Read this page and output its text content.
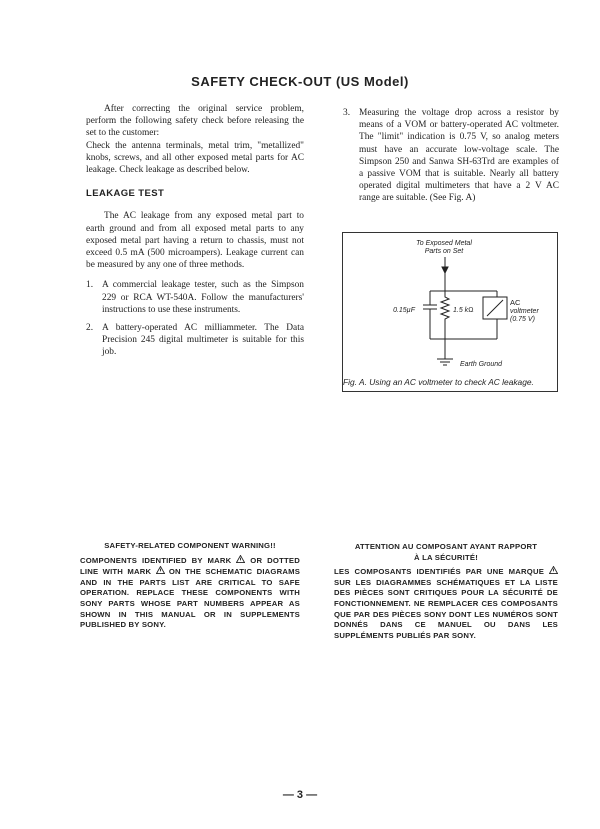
SAFETY CHECK-OUT (US Model)

After correcting the original service problem, perform the following safety check before releasing the set to the customer:

Check the antenna terminals, metal trim, "metallized" knobs, screws, and all other exposed metal parts for AC leakage. Check leakage as described below.

LEAKAGE TEST

The AC leakage from any exposed metal part to earth ground and from all exposed metal parts to any exposed metal part having a return to chassis, must not exceed 0.5 mA (500 microampers). Leakage current can be measured by any one of three methods.

1. A commercial leakage tester, such as the Simpson 229 or RCA WT-540A. Follow the manufacturers' instructions to use these instruments.
2. A battery-operated AC milliammeter. The Data Precision 245 digital multimeter is suitable for this job.
3. Measuring the voltage drop across a resistor by means of a VOM or battery-operated AC voltmeter. The "limit" indication is 0.75 V, so analog meters must have an accurate low-voltage scale. The Simpson 250 and Sanwa SH-63Trd are examples of a passive VOM that is suitable. Nearly all battery operated digital multimeters that have a 2 V AC range are suitable. (See Fig. A)
To Exposed Metal
Parts on Set
0.15µF	1.5 kΩ
AC
voltmeter
(0.75 V)
Earth Ground
Fig. A. Using an AC voltmeter to check AC leakage.
SAFETY-RELATED COMPONENT WARNING!!
COMPONENTS IDENTIFIED BY MARK OR DOTTED LINE WITH MARK ON THE SCHEMATIC DIAGRAMS AND IN THE PARTS LIST ARE CRITICAL TO SAFE OPERATION. REPLACE THESE COMPONENTS WITH SONY PARTS WHOSE PART NUMBERS APPEAR AS SHOWN IN THIS MANUAL OR IN SUPPLEMENTS PUBLISHED BY SONY.
ATTENTION AU COMPOSANT AYANT RAPPORT
À LA SÉCURITÉ!
LES COMPOSANTS IDENTIFIÉS PAR UNE MARQUE  SUR LES DIAGRAMMES SCHÉMATIQUES ET LA LISTE DES PIÈCES SONT CRITIQUES POUR LA SÉCURITÉ DE FONCTIONNEMENT. NE REMPLACER CES COMPOSANTS QUE PAR DES PIÈCES SONY DONT LES NUMÉROS SONT DONNÉS DANS CE MANUEL OU DANS LES SUPPLÉMENTS PUBLIÉS PAR SONY.
— 3 —
